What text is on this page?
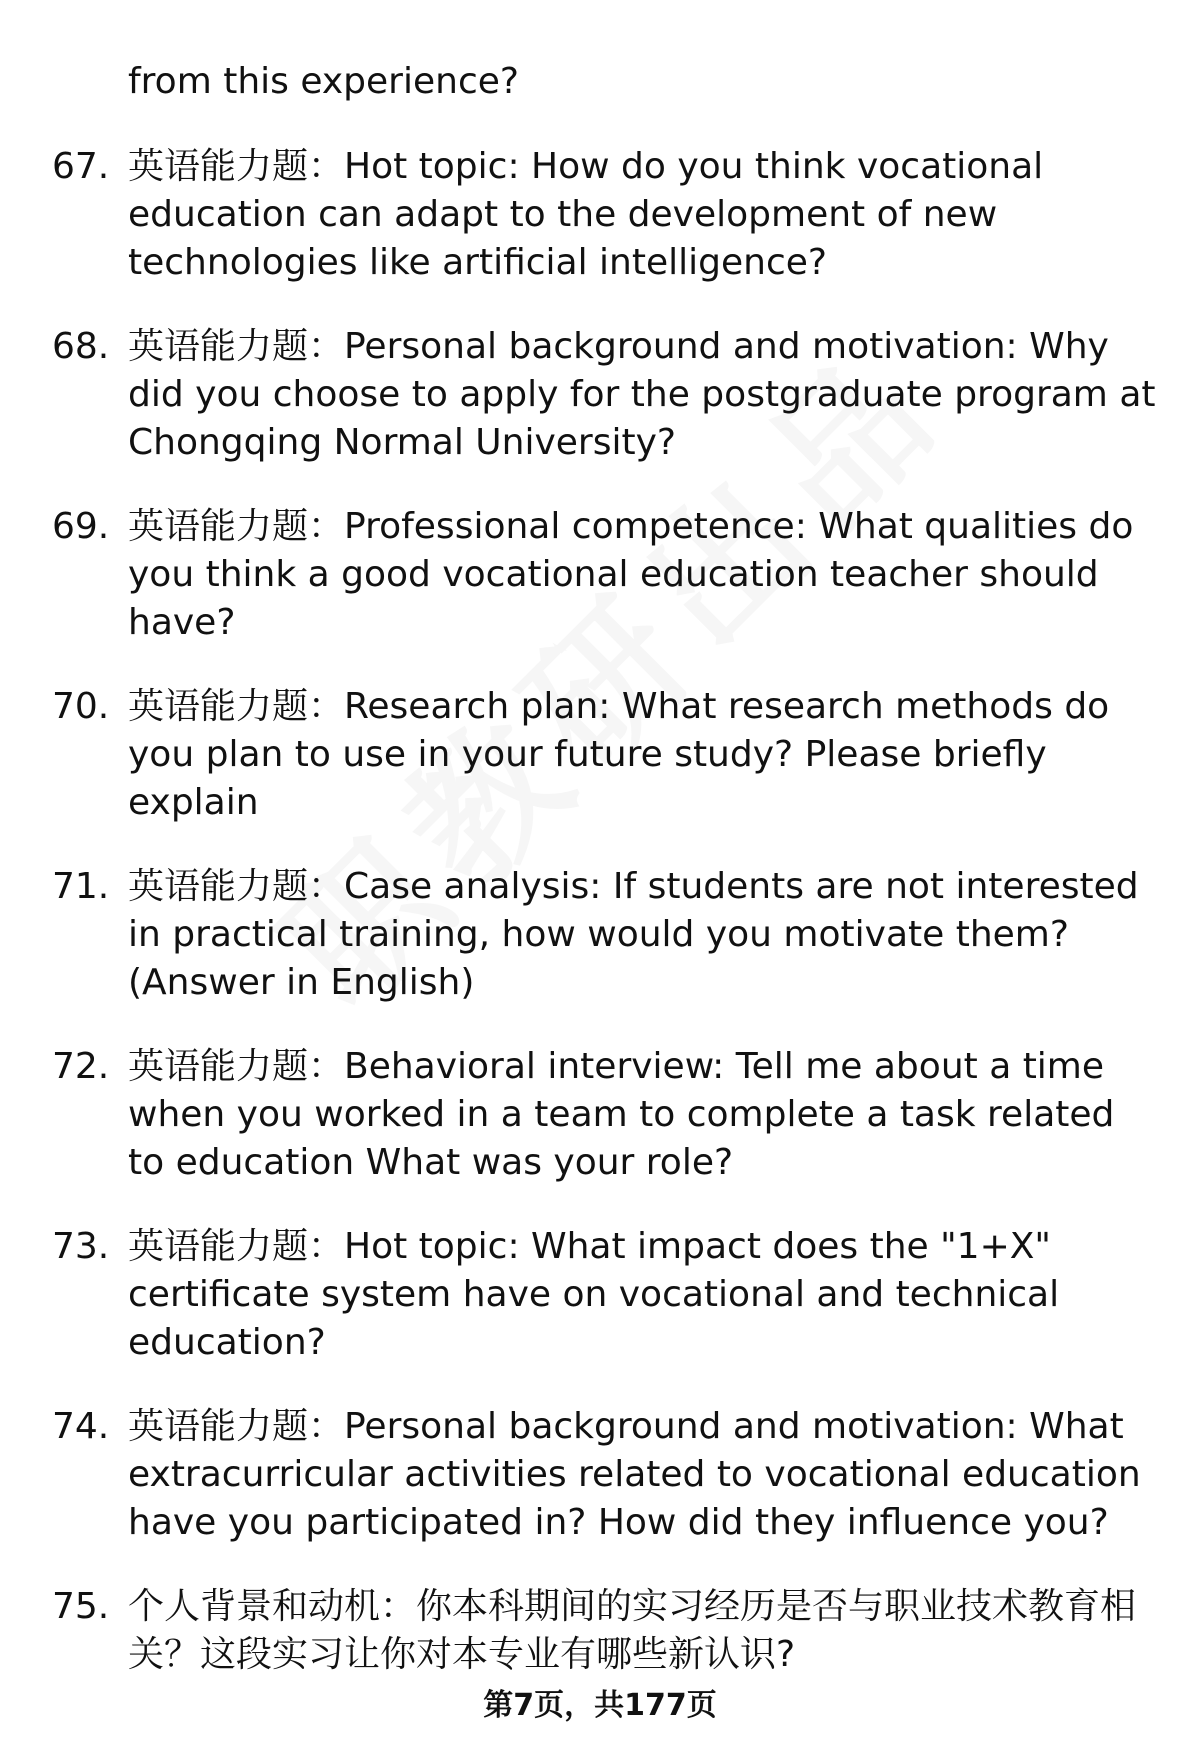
from this experience?
67. 英语能力题：Hot topic: How do you think vocational education can adapt to the development of new technologies like artificial intelligence?
68. 英语能力题：Personal background and motivation: Why did you choose to apply for the postgraduate program at Chongqing Normal University?
69. 英语能力题：Professional competence: What qualities do you think a good vocational education teacher should have?
70. 英语能力题：Research plan: What research methods do you plan to use in your future study? Please briefly explain
71. 英语能力题：Case analysis: If students are not interested in practical training, how would you motivate them? (Answer in English)
72. 英语能力题：Behavioral interview: Tell me about a time when you worked in a team to complete a task related to education What was your role?
73. 英语能力题：Hot topic: What impact does the "1+X" certificate system have on vocational and technical education?
74. 英语能力题：Personal background and motivation: What extracurricular activities related to vocational education have you participated in? How did they influence you?
75. 个人背景和动机：你本科期间的实习经历是否与职业技术教育相关？这段实习让你对本专业有哪些新认识?
第7页，共177页
